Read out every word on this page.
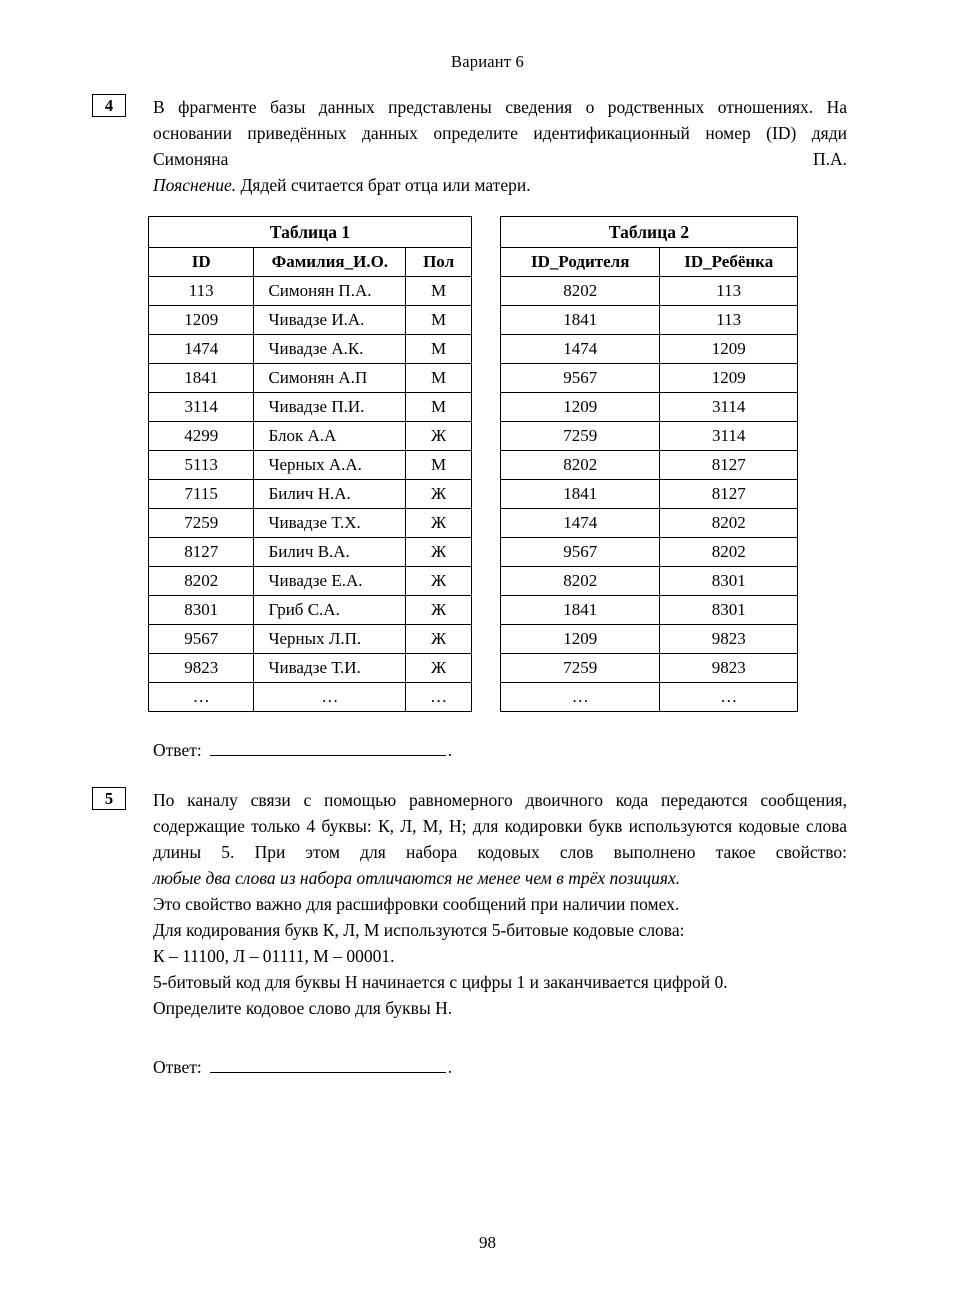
Вариант 6
4	В фрагменте базы данных представлены сведения о родственных отношениях. На основании приведённых данных определите идентификационный номер (ID) дяди Симоняна П.А.

Пояснение. Дядей считается брат отца или матери.

Таблица 1		
ID	Фамилия_И.О.	Пол
113	Симонян П.А.	М
1209	Чивадзе И.А.	М
1474	Чивадзе А.К.	М
1841	Симонян А.П	М
3114	Чивадзе П.И.	М
4299	Блок А.А	Ж
5113	Черных А.А.	М
7115	Билич Н.А.	Ж
7259	Чивадзе Т.Х.	Ж
8127	Билич В.А.	Ж
8202	Чивадзе Е.А.	Ж
8301	Гриб С.А.	Ж
9567	Черных Л.П.	Ж
9823	Чивадзе Т.И.	Ж
…	…	…
Таблица 2	
ID_Родителя	ID_Ребёнка
8202	113
1841	113
1474	1209
9567	1209
1209	3114
7259	3114
8202	8127
1841	8127
1474	8202
9567	8202
8202	8301
1841	8301
1209	9823
7259	9823
…	…
Ответ:	.
5	По каналу связи с помощью равномерного двоичного кода передаются сообщения, содержащие только 4 буквы: К, Л, М, Н; для кодировки букв используются кодовые слова длины 5. При этом для набора кодовых слов выполнено такое свойство:

любые два слова из набора отличаются не менее чем в трёх позициях.

Это свойство важно для расшифровки сообщений при наличии помех.

Для кодирования букв К, Л, М используются 5-битовые кодовые слова:

К – 11100, Л – 01111, М – 00001.

5-битовый код для буквы Н начинается с цифры 1 и заканчивается цифрой 0.

Определите кодовое слово для буквы Н.

Ответ:	.
98
